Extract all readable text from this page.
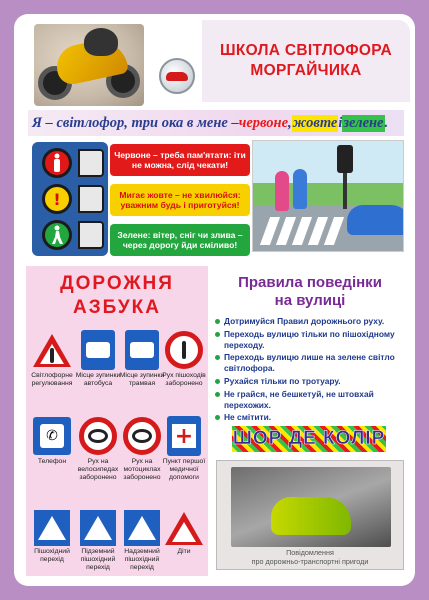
ШКОЛА СВІТЛОФОРА
МОРГАЙЧИКА
Я – світлофор, три ока в мене – червоне , жовте і зелене .
!
Червоне – треба пам'ятати: іти не можна, слід чекати!
Мигає жовте – не хвилюйся: уважним будь і приготуйся!
Зелене: вітер, сніг чи злива – через дорогу йди сміливо!
ДОРОЖНЯ
АЗБУКА
Світлофорне регулювання
Місце зупинки автобуса
Місце зупинки трамвая
Рух пішоходів заборонено
✆
Телефон	Рух на велосипедах заборонено
Рух на мотоциклах заборонено
+
Пункт першої медичної допомоги
Пішохідний перехід
Підземний пішохідний перехід
Надземний пішохідний перехід
Діти
Правила поведінки
на вулиці
Дотримуйся Правил дорожнього руху.
Переходь вулицю тільки по пішохідному переходу.
Переходь вулицю лише на зелене світло світлофора.
Рухайся тільки по тротуару.
Не грайся, не бешкетуй, не штовхай перехожих.
Не смітити.
ШОР ДЕ КОЛІР
Повідомлення
про дорожньо-транспортні пригоди
